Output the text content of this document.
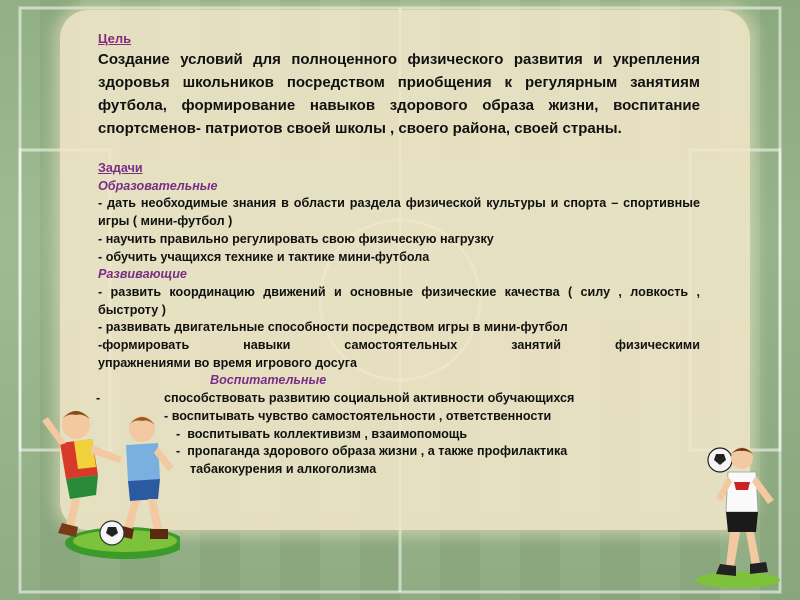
Цель
Создание условий для полноценного физического развития и укрепления здоровья школьников посредством приобщения к регулярным занятиям футбола, формирование навыков здорового образа жизни, воспитание спортсменов- патриотов своей школы , своего района, своей страны.
Задачи
Образовательные
- дать необходимые знания в области раздела физической культуры и спорта – спортивные игры ( мини-футбол )
- научить правильно регулировать свою физическую нагрузку
- обучить учащихся технике и тактике мини-футбола
Развивающие
- развить координацию движений и основные физические качества ( силу , ловкость , быстроту )
- развивать двигательные способности посредством игры в мини-футбол
-формировать навыки самостоятельных занятий физическими
упражнениями во время игрового досуга
Воспитательные
-	способствовать развитию социальной активности обучающихся
- воспитывать чувство самостоятельности , ответственности
-  воспитывать коллективизм , взаимопомощь
-  пропаганда здорового образа жизни , а также профилактика
табакокурения и алкоголизма
